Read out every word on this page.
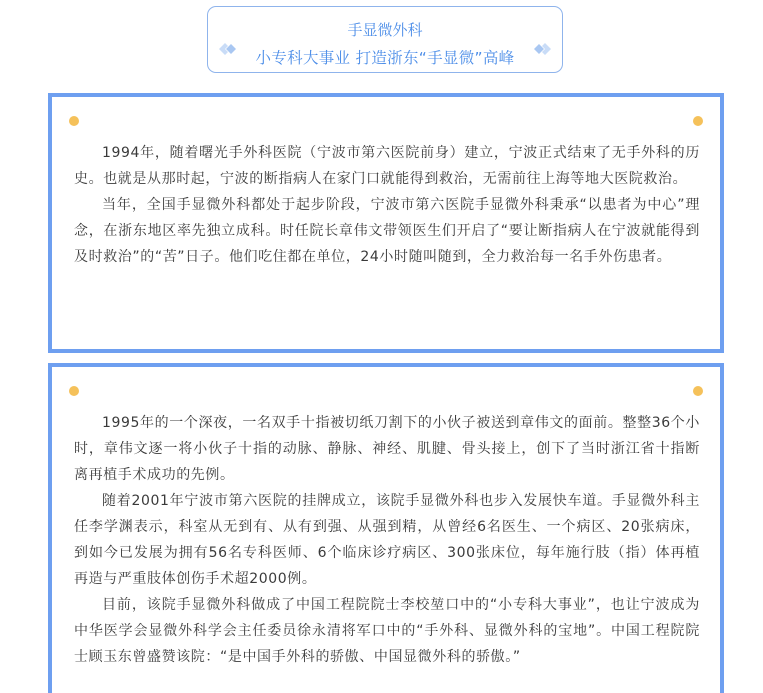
手显微外科
小专科大事业 打造浙东“手显微”高峰

1994年，随着曙光手外科医院（宁波市第六医院前身）建立，宁波正式结束了无手外科的历史。也就是从那时起，宁波的断指病人在家门口就能得到救治，无需前往上海等地大医院救治。

当年，全国手显微外科都处于起步阶段，宁波市第六医院手显微外科秉承“以患者为中心”理念，在浙东地区率先独立成科。时任院长章伟文带领医生们开启了“要让断指病人在宁波就能得到及时救治”的“苦”日子。他们吃住都在单位，24小时随叫随到，全力救治每一名手外伤患者。

1995年的一个深夜，一名双手十指被切纸刀割下的小伙子被送到章伟文的面前。整整36个小时，章伟文逐一将小伙子十指的动脉、静脉、神经、肌腱、骨头接上，创下了当时浙江省十指断离再植手术成功的先例。

随着2001年宁波市第六医院的挂牌成立，该院手显微外科也步入发展快车道。手显微外科主任李学渊表示，科室从无到有、从有到强、从强到精，从曾经6名医生、一个病区、20张病床，到如今已发展为拥有56名专科医师、6个临床诊疗病区、300张床位，每年施行肢（指）体再植再造与严重肢体创伤手术超2000例。

目前，该院手显微外科做成了中国工程院院士李校堃口中的“小专科大事业”，也让宁波成为中华医学会显微外科学会主任委员徐永清将军口中的“手外科、显微外科的宝地”。中国工程院院士顾玉东曾盛赞该院：“是中国手外科的骄傲、中国显微外科的骄傲。”
